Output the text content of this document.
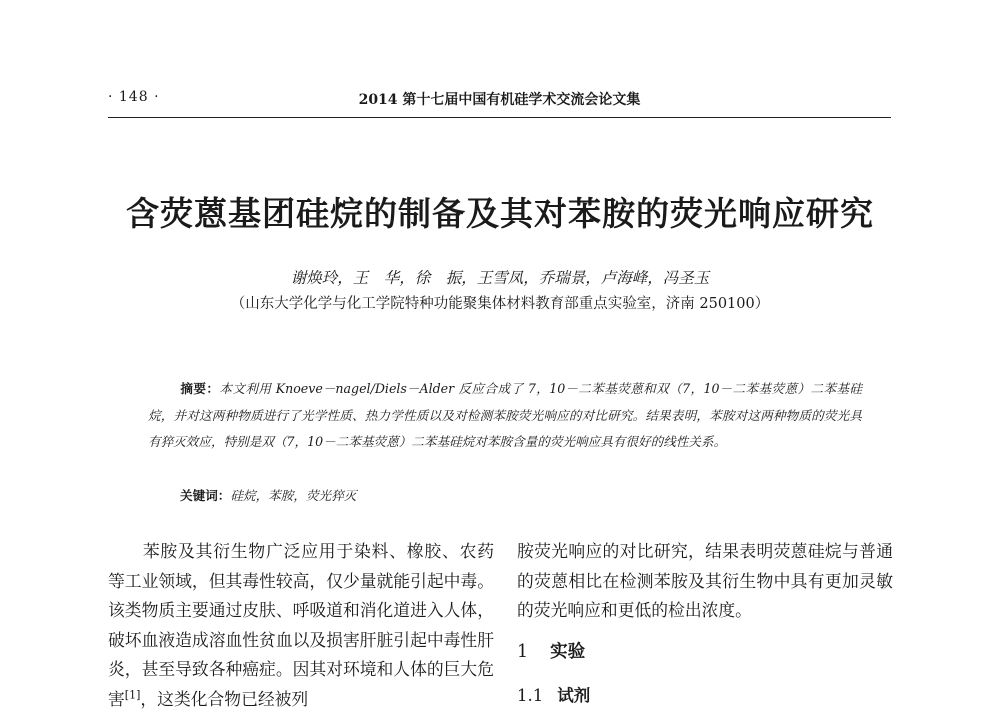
· 148 ·	2014 第十七届中国有机硅学术交流会论文集
含荧蒽基团硅烷的制备及其对苯胺的荧光响应研究
谢焕玲，王　华，徐　振，王雪凤，乔瑞景，卢海峰，冯圣玉
（山东大学化学与化工学院特种功能聚集体材料教育部重点实验室，济南 250100）
摘要：本文利用 Knoeve－nagel/Diels－Alder 反应合成了 7，10－二苯基荧蒽和双（7，10－二苯基荧蒽）二苯基硅烷，并对这两种物质进行了光学性质、热力学性质以及对检测苯胺荧光响应的对比研究。结果表明，苯胺对这两种物质的荧光具有猝灭效应，特别是双（7，10－二苯基荧蒽）二苯基硅烷对苯胺含量的荧光响应具有很好的线性关系。
关键词：硅烷，苯胺，荧光猝灭

苯胺及其衍生物广泛应用于染料、橡胶、农药等工业领域，但其毒性较高，仅少量就能引起中毒。该类物质主要通过皮肤、呼吸道和消化道进入人体，破坏血液造成溶血性贫血以及损害肝脏引起中毒性肝炎，甚至导致各种癌症。因其对环境和人体的巨大危害[1]，这类化合物已经被列

胺荧光响应的对比研究，结果表明荧蒽硅烷与普通的荧蒽相比在检测苯胺及其衍生物中具有更加灵敏的荧光响应和更低的检出浓度。

1 实验
1.1 试剂
